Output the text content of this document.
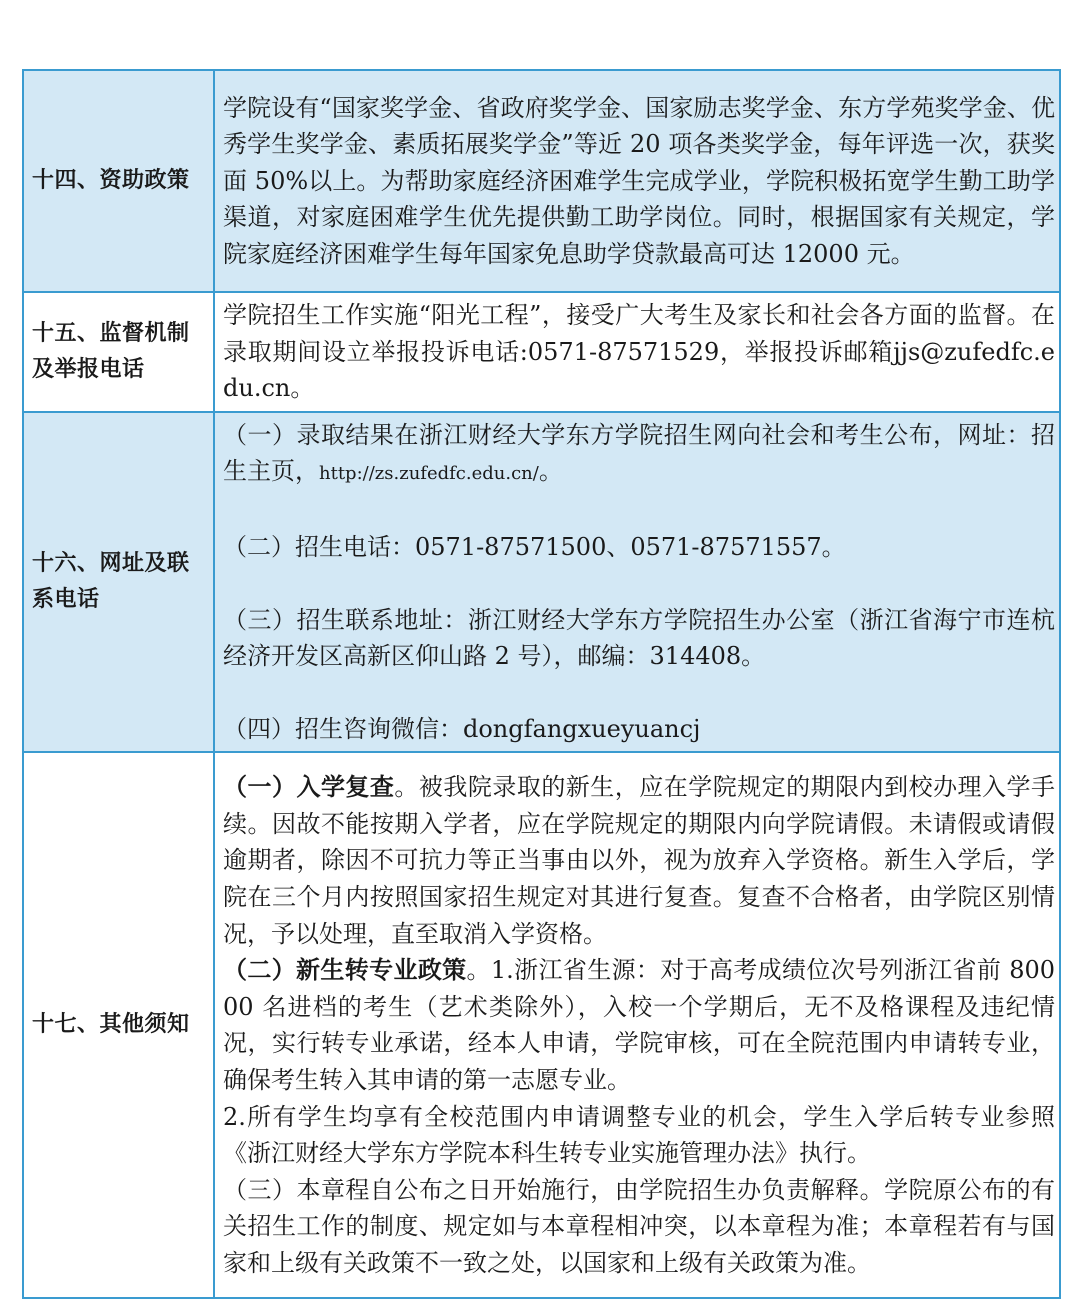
十四、资助政策	学院设有“国家奖学金、省政府奖学金、国家励志奖学金、东方学苑奖学金、优秀学生奖学金、素质拓展奖学金”等近 20 项各类奖学金，每年评选一次，获奖面 50%以上。为帮助家庭经济困难学生完成学业，学院积极拓宽学生勤工助学渠道，对家庭困难学生优先提供勤工助学岗位。同时，根据国家有关规定，学院家庭经济困难学生每年国家免息助学贷款最高可达 12000 元。

十五、监督机制及举报电话	学院招生工作实施“阳光工程”，接受广大考生及家长和社会各方面的监督。在录取期间设立举报投诉电话:0571-87571529，举报投诉邮箱jjs@zufedfc.edu.cn。

十六、网址及联系电话	（一）录取结果在浙江财经大学东方学院招生网向社会和考生公布，网址：招生主页，http://zs.zufedfc.edu.cn/。

（二）招生电话：0571-87571500、0571-87571557。

（三）招生联系地址：浙江财经大学东方学院招生办公室（浙江省海宁市连杭经济开发区高新区仰山路 2 号），邮编：314408。

（四）招生咨询微信：dongfangxueyuancj

十七、其他须知	（一）入学复查。被我院录取的新生，应在学院规定的期限内到校办理入学手续。因故不能按期入学者，应在学院规定的期限内向学院请假。未请假或请假逾期者，除因不可抗力等正当事由以外，视为放弃入学资格。新生入学后，学院在三个月内按照国家招生规定对其进行复查。复查不合格者，由学院区别情况，予以处理，直至取消入学资格。

（二）新生转专业政策。1.浙江省生源：对于高考成绩位次号列浙江省前 80000 名进档的考生（艺术类除外），入校一个学期后，无不及格课程及违纪情况，实行转专业承诺，经本人申请，学院审核，可在全院范围内申请转专业，确保考生转入其申请的第一志愿专业。

2.所有学生均享有全校范围内申请调整专业的机会，学生入学后转专业参照《浙江财经大学东方学院本科生转专业实施管理办法》执行。

（三）本章程自公布之日开始施行，由学院招生办负责解释。学院原公布的有关招生工作的制度、规定如与本章程相冲突，以本章程为准；本章程若有与国家和上级有关政策不一致之处，以国家和上级有关政策为准。
